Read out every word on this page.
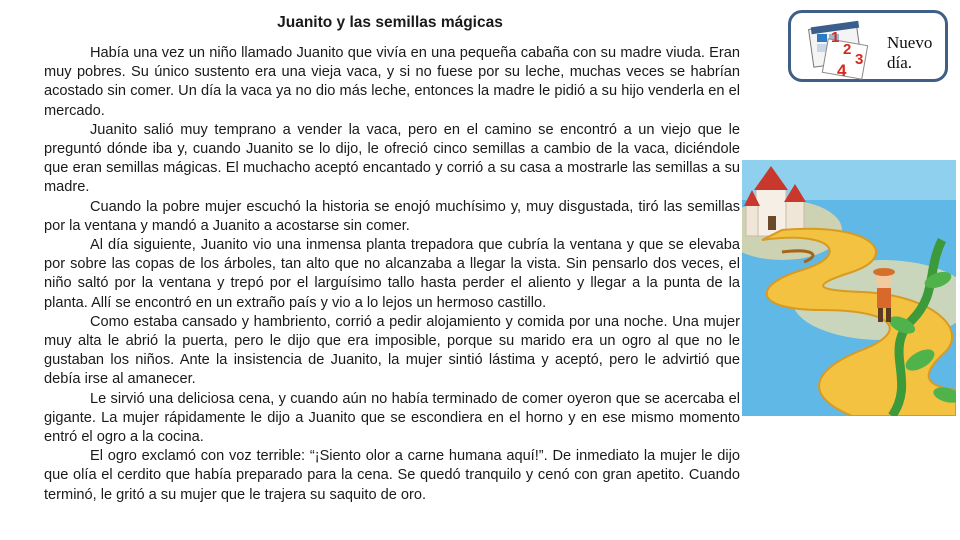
Juanito y las semillas mágicas

Había una vez un niño llamado Juanito que vivía en una pequeña cabaña con su madre viuda. Eran muy pobres. Su único sustento era una vieja vaca, y si no fuese por su leche, muchas veces se habrían acostado sin comer. Un día la vaca ya no dio más leche, entonces la madre le pidió a su hijo venderla en el mercado.

Juanito salió muy temprano a vender la vaca, pero en el camino se encontró a un viejo que le preguntó dónde iba y, cuando Juanito se lo dijo, le ofreció cinco semillas a cambio de la vaca, diciéndole que eran semillas mágicas. El muchacho aceptó encantado y corrió a su casa a mostrarle las semillas a su madre.

Cuando la pobre mujer escuchó la historia se enojó muchísimo y, muy disgustada, tiró las semillas por la ventana y mandó a Juanito a acostarse sin comer.

Al día siguiente, Juanito vio una inmensa planta trepadora que cubría la ventana y que se elevaba por sobre las copas de los árboles, tan alto que no alcanzaba a llegar la vista. Sin pensarlo dos veces, el niño saltó por la ventana y trepó por el larguísimo tallo hasta perder el aliento y llegar a la punta de la planta. Allí se encontró en un extraño país y vio a lo lejos un hermoso castillo.

Como estaba cansado y hambriento, corrió a pedir alojamiento y comida por una noche. Una mujer muy alta le abrió la puerta, pero le dijo que era imposible, porque su marido era un ogro al que no le gustaban los niños. Ante la insistencia de Juanito, la mujer sintió lástima y aceptó, pero le advirtió que debía irse al amanecer.

Le sirvió una deliciosa cena, y cuando aún no había terminado de comer oyeron que se acercaba el gigante. La mujer rápidamente le dijo a Juanito que se escondiera en el horno y en ese mismo momento entró el ogro a la cocina.

El ogro exclamó con voz terrible: “¡Siento olor a carne humana aquí!”. De inmediato la mujer le dijo que olía el cerdito que había preparado para la cena. Se quedó tranquilo y cenó con gran apetito. Cuando terminó, le gritó a su mujer que le trajera su saquito de oro.

1
2
3
4
Nuevo día.
